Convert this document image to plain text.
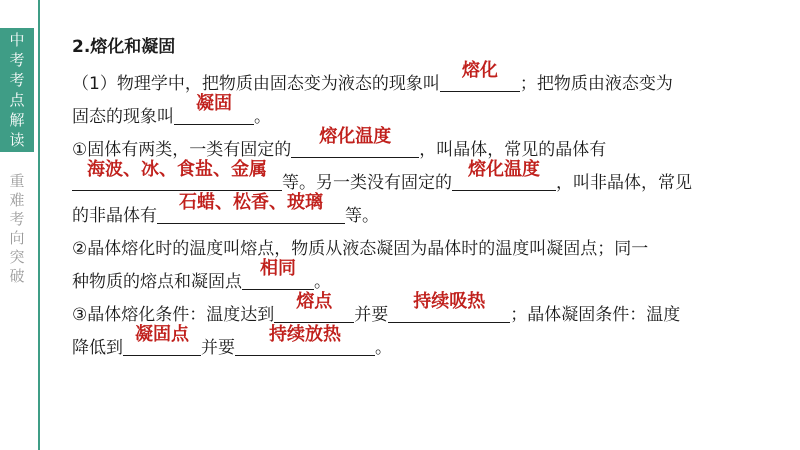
中
考
考
点
解
读
重
难
考
向
突
破
2.熔化和凝固
（1）物理学中，把物质由固态变为液态的现象叫
熔化
；把物质由液态变为
固态的现象叫
凝固
。
①固体有两类，一类有固定的
熔化温度
，叫晶体，常见的晶体有
海波、冰、食盐、金属
等。另一类没有固定的
熔化温度
，叫非晶体，常见
的非晶体有
石蜡、松香、玻璃
等。
②晶体熔化时的温度叫熔点，物质从液态凝固为晶体时的温度叫凝固点；同一
种物质的熔点和凝固点
相同
。
③晶体熔化条件：温度达到
熔点
并要
持续吸热
；晶体凝固条件：温度
降低到
凝固点
并要
持续放热
。
